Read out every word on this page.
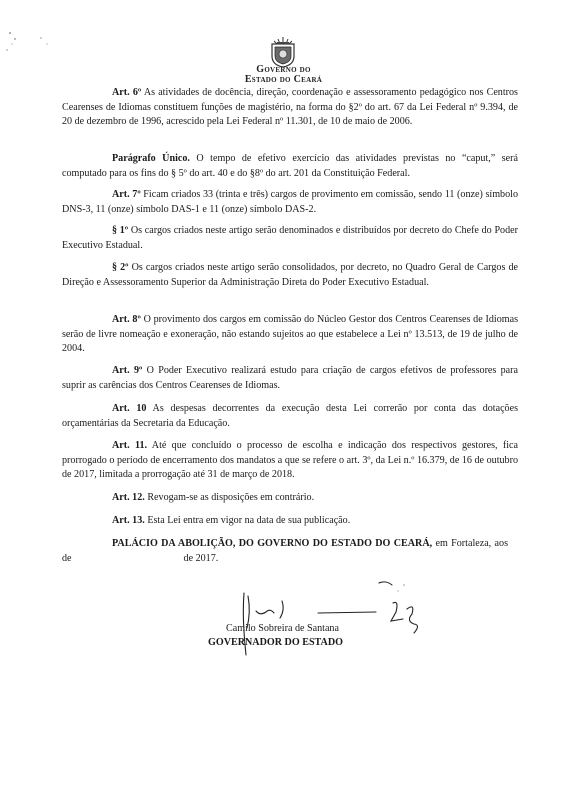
Governo do
Estado do Ceará

Art. 6º As atividades de docência, direção, coordenação e assessoramento pedagógico nos Centros Cearenses de Idiomas constituem funções de magistério, na forma do §2º do art. 67 da Lei Federal nº 9.394, de 20 de dezembro de 1996, acrescido pela Lei Federal nº 11.301, de 10 de maio de 2006.

Parágrafo Único. O tempo de efetivo exercício das atividades previstas no “caput,” será computado para os fins do § 5º do art. 40 e do §8º do art. 201 da Constituição Federal.

Art. 7º Ficam criados 33 (trinta e três) cargos de provimento em comissão, sendo 11 (onze) símbolo DNS-3, 11 (onze) símbolo DAS-1 e 11 (onze) símbolo DAS-2.

§ 1º Os cargos criados neste artigo serão denominados e distribuídos por decreto do Chefe do Poder Executivo Estadual.

§ 2º Os cargos criados neste artigo serão consolidados, por decreto, no Quadro Geral de Cargos de Direção e Assessoramento Superior da Administração Direta do Poder Executivo Estadual.

Art. 8º O provimento dos cargos em comissão do Núcleo Gestor dos Centros Cearenses de Idiomas serão de livre nomeação e exoneração, não estando sujeitos ao que estabelece a Lei nº 13.513, de 19 de julho de 2004.

Art. 9º O Poder Executivo realizará estudo para criação de cargos efetivos de professores para suprir as carências dos Centros Cearenses de Idiomas.

Art. 10 As despesas decorrentes da execução desta Lei correrão por conta das dotações orçamentárias da Secretaria da Educação.

Art. 11. Até que concluído o processo de escolha e indicação dos respectivos gestores, fica prorrogado o período de encerramento dos mandatos a que se refere o art. 3º, da Lei n.º 16.379, de 16 de outubro de 2017, limitada a prorrogação até 31 de março de 2018.

Art. 12. Revogam-se as disposições em contrário.

Art. 13. Esta Lei entra em vigor na data de sua publicação.

PALÁCIO DA ABOLIÇÃO, DO GOVERNO DO ESTADO DO CEARÁ, em Fortaleza, aosde	de 2017.

Camilo Sobreira de Santana
GOVERNADOR DO ESTADO
